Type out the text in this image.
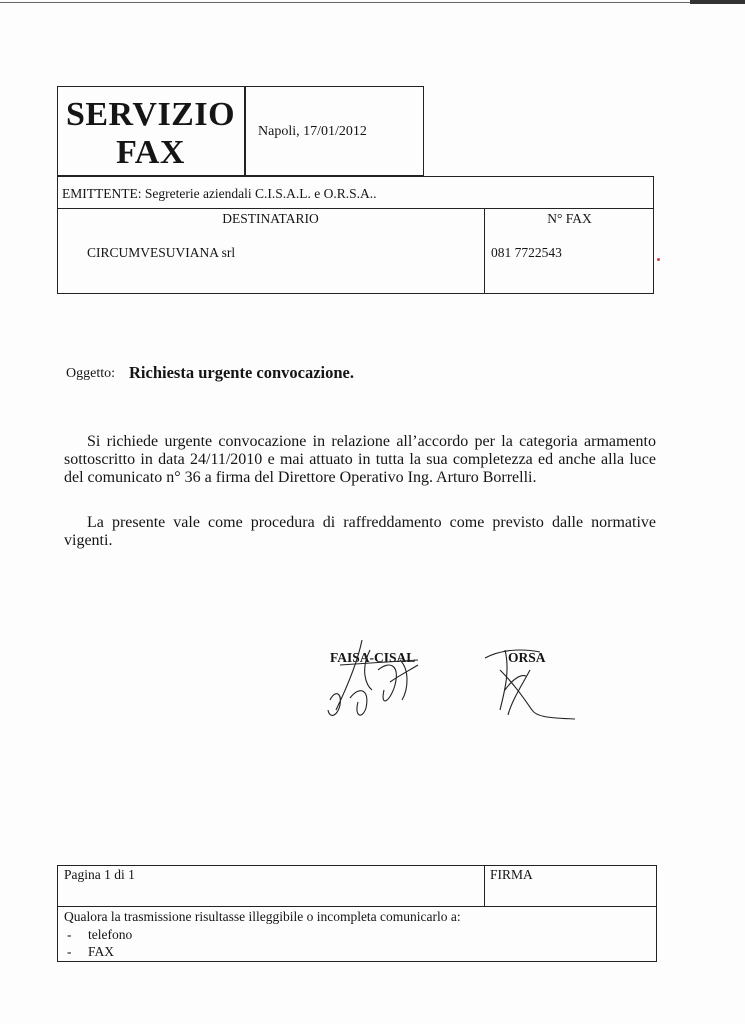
SERVIZIO
FAX
Napoli, 17/01/2012
EMITTENTE: Segreterie aziendali C.I.S.A.L. e O.R.S.A..
DESTINATARIO	N° FAX
CIRCUMVESUVIANA srl	081 7722543
Oggetto: Richiesta urgente convocazione.
Si richiede urgente convocazione in relazione all’accordo per la categoria armamento sottoscritto in data 24/11/2010 e mai attuato in tutta la sua completezza ed anche alla luce del comunicato n° 36 a firma del Direttore Operativo Ing. Arturo Borrelli.
La presente vale come procedura di raffreddamento come previsto dalle normative vigenti.
FAISA-CISAL	ORSA
Pagina 1 di 1	FIRMA
Qualora la trasmissione risultasse illeggibile o incompleta comunicarlo a:
- telefono
- FAX
